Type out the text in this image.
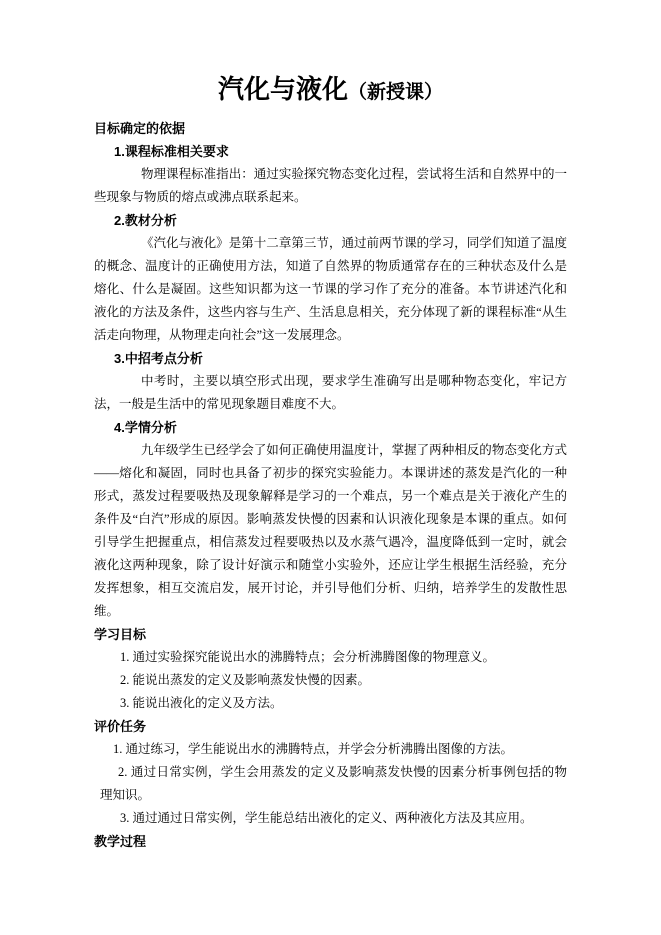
汽化与液化（新授课）

目标确定的依据

1.课程标准相关要求

物理课程标准指出：通过实验探究物态变化过程，尝试将生活和自然界中的一些现象与物质的熔点或沸点联系起来。

2.教材分析

《汽化与液化》是第十二章第三节，通过前两节课的学习，同学们知道了温度的概念、温度计的正确使用方法，知道了自然界的物质通常存在的三种状态及什么是熔化、什么是凝固。这些知识都为这一节课的学习作了充分的准备。本节讲述汽化和液化的方法及条件，这些内容与生产、生活息息相关，充分体现了新的课程标准“从生活走向物理，从物理走向社会”这一发展理念。

3.中招考点分析

中考时，主要以填空形式出现，要求学生准确写出是哪种物态变化，牢记方法，一般是生活中的常见现象题目难度不大。

4.学情分析

九年级学生已经学会了如何正确使用温度计，掌握了两种相反的物态变化方式——熔化和凝固，同时也具备了初步的探究实验能力。本课讲述的蒸发是汽化的一种形式，蒸发过程要吸热及现象解释是学习的一个难点，另一个难点是关于液化产生的条件及“白汽”形成的原因。影响蒸发快慢的因素和认识液化现象是本课的重点。如何引导学生把握重点，相信蒸发过程要吸热以及水蒸气遇冷，温度降低到一定时，就会液化这两种现象，除了设计好演示和随堂小实验外，还应让学生根据生活经验，充分发挥想象，相互交流启发，展开讨论，并引导他们分析、归纳，培养学生的发散性思维。

学习目标

1. 通过实验探究能说出水的沸腾特点；会分析沸腾图像的物理意义。

2. 能说出蒸发的定义及影响蒸发快慢的因素。

3. 能说出液化的定义及方法。

评价任务

1. 通过练习，学生能说出水的沸腾特点，并学会分析沸腾出图像的方法。

2. 通过日常实例，学生会用蒸发的定义及影响蒸发快慢的因素分析事例包括的物理知识。

3. 通过通过日常实例，学生能总结出液化的定义、两种液化方法及其应用。

教学过程
